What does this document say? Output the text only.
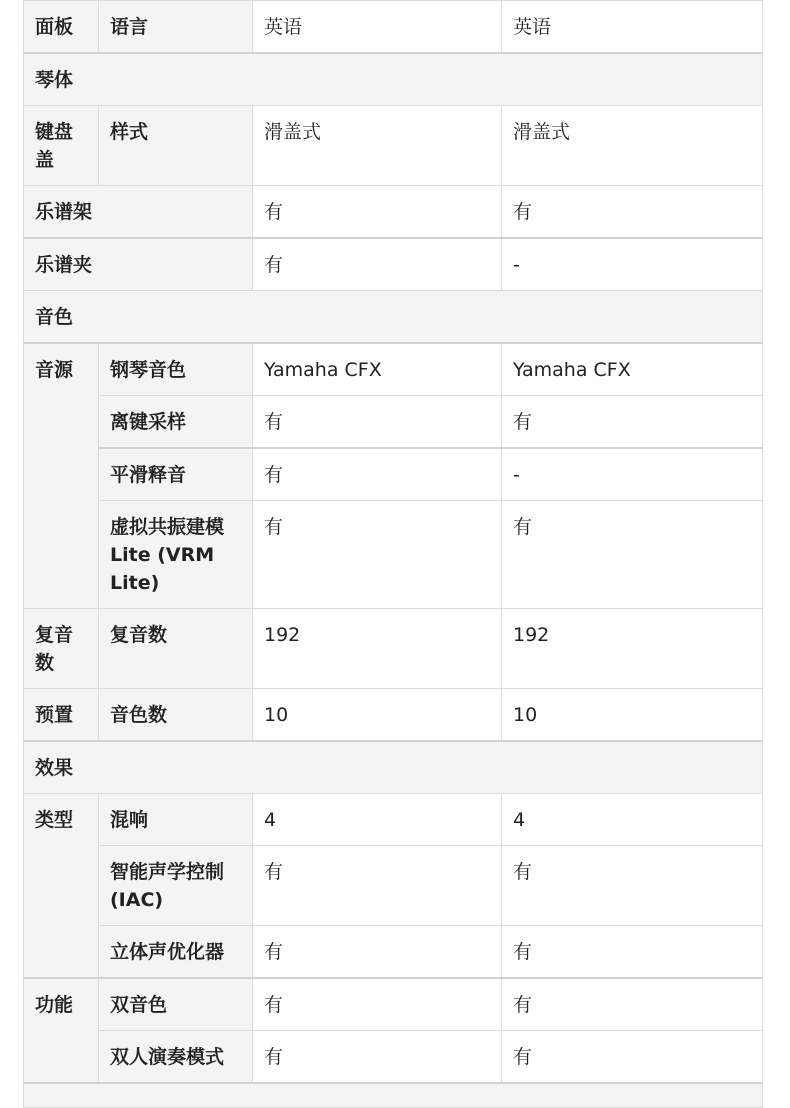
面板	语言	英语	英语
琴体			
键盘盖	样式	滑盖式	滑盖式
乐谱架		有	有
乐谱夹		有	-
音色			
音源	钢琴音色	Yamaha CFX	Yamaha CFX
	离键采样	有	有
	平滑释音	有	-
	虚拟共振建模Lite (VRM Lite)	有	有
复音数	复音数	192	192
预置	音色数	10	10
效果			
类型	混响	4	4
	智能声学控制(IAC)	有	有
	立体声优化器	有	有
功能	双音色	有	有
	双人演奏模式	有	有
